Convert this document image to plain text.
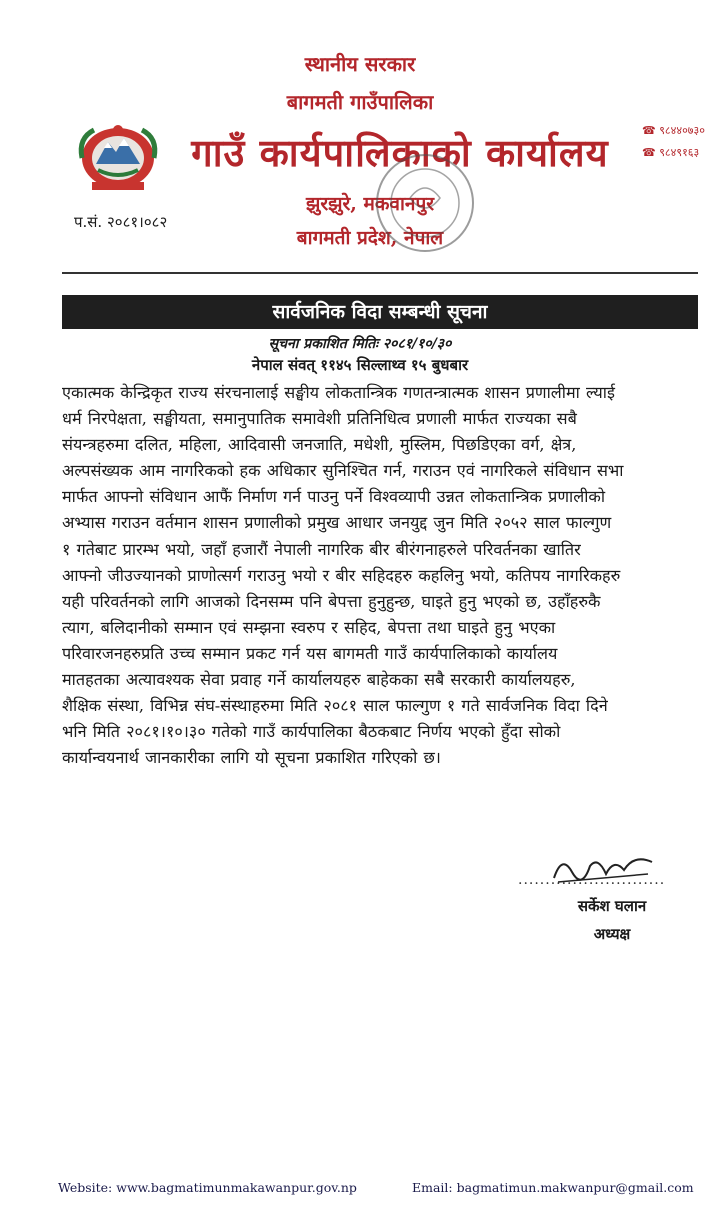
स्थानीय सरकार
बागमती गाउँपालिका
गाउँ कार्यपालिकाको कार्यालय
झुरझुरे, मकवानपुर
बागमती प्रदेश, नेपाल
प.सं. २०८१।०८२
☎ ९८४४०७३०
☎ ९८४९१६३
सार्वजनिक विदा सम्बन्धी सूचना
सूचना प्रकाशित मितिः २०८१/१०/३०
नेपाल संवत् ११४५ सिल्लाथ्व १५ बुधबार
एकात्मक केन्द्रिकृत राज्य संरचनालाई सङ्घीय लोकतान्त्रिक गणतन्त्रात्मक शासन प्रणालीमा ल्याई
धर्म निरपेक्षता, सङ्घीयता, समानुपातिक समावेशी प्रतिनिधित्व प्रणाली मार्फत राज्यका सबै
संयन्त्रहरुमा दलित, महिला, आदिवासी जनजाति, मधेशी, मुस्लिम, पिछडिएका वर्ग, क्षेत्र,
अल्पसंख्यक आम नागरिकको हक अधिकार सुनिश्चित गर्न, गराउन एवं नागरिकले संविधान सभा
मार्फत आफ्नो संविधान आफैं निर्माण गर्न पाउनु पर्ने विश्वव्यापी उन्नत लोकतान्त्रिक प्रणालीको
अभ्यास गराउन वर्तमान शासन प्रणालीको प्रमुख आधार जनयुद्द जुन मिति २०५२ साल फाल्गुण
१ गतेबाट प्रारम्भ भयो, जहाँ हजारौं नेपाली नागरिक बीर बीरंगनाहरुले परिवर्तनका खातिर
आफ्नो जीउज्यानको प्राणोत्सर्ग गराउनु भयो र बीर सहिदहरु कहलिनु भयो, कतिपय नागरिकहरु
यही परिवर्तनको लागि आजको दिनसम्म पनि बेपत्ता हुनुहुन्छ, घाइते हुनु भएको छ, उहाँहरुकै
त्याग, बलिदानीको सम्मान एवं सम्झना स्वरुप र सहिद, बेपत्ता तथा घाइते हुनु भएका
परिवारजनहरुप्रति उच्च सम्मान प्रकट गर्न यस बागमती गाउँ कार्यपालिकाको कार्यालय
मातहतका अत्यावश्यक सेवा प्रवाह गर्ने कार्यालयहरु बाहेकका सबै सरकारी कार्यालयहरु,
शैक्षिक संस्था, विभिन्न संघ-संस्थाहरुमा मिति २०८१ साल फाल्गुण १ गते सार्वजनिक विदा दिने
भनि मिति २०८१।१०।३० गतेको गाउँ कार्यपालिका बैठकबाट निर्णय भएको हुँदा सोको
कार्यान्वयनार्थ जानकारीका लागि यो सूचना प्रकाशित गरिएको छ।
...........................
सर्केश घलान
अध्यक्ष
Website: www.bagmatimunmakawanpur.gov.np	Email: bagmatimun.makwanpur@gmail.com
